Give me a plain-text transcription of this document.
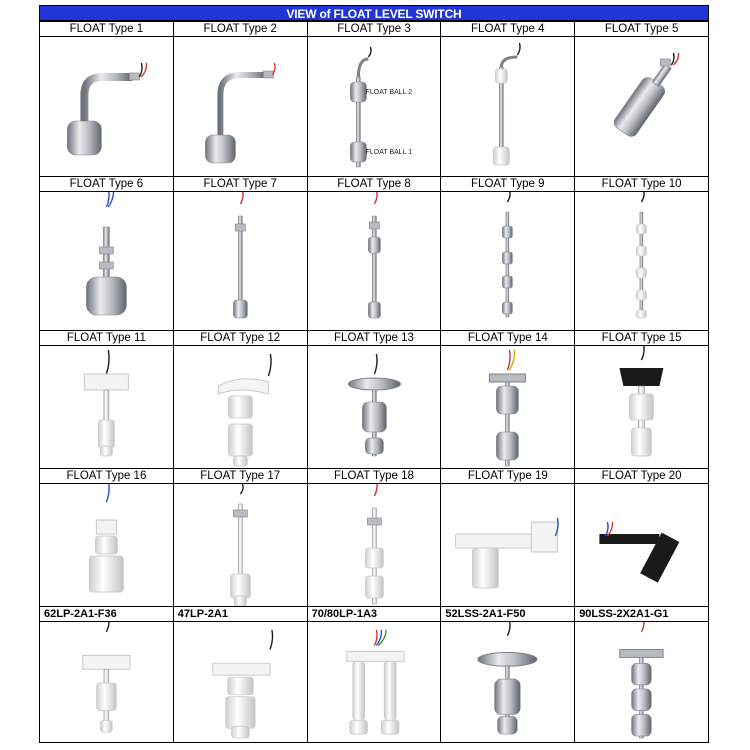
VIEW of FLOAT LEVEL SWITCH
FLOAT Type 1	FLOAT Type 2	FLOAT Type 3	FLOAT Type 4	FLOAT Type 5

FLOAT BALL 2
FLOAT BALL 1

FLOAT Type 6	FLOAT Type 7	FLOAT Type 8	FLOAT Type 9	FLOAT Type 10

FLOAT Type 11	FLOAT Type 12	FLOAT Type 13	FLOAT Type 14	FLOAT Type 15

FLOAT Type 16	FLOAT Type 17	FLOAT Type 18	FLOAT Type 19	FLOAT Type 20

62LP-2A1-F36	47LP-2A1	70/80LP-1A3	52LSS-2A1-F50	90LSS-2X2A1-G1
